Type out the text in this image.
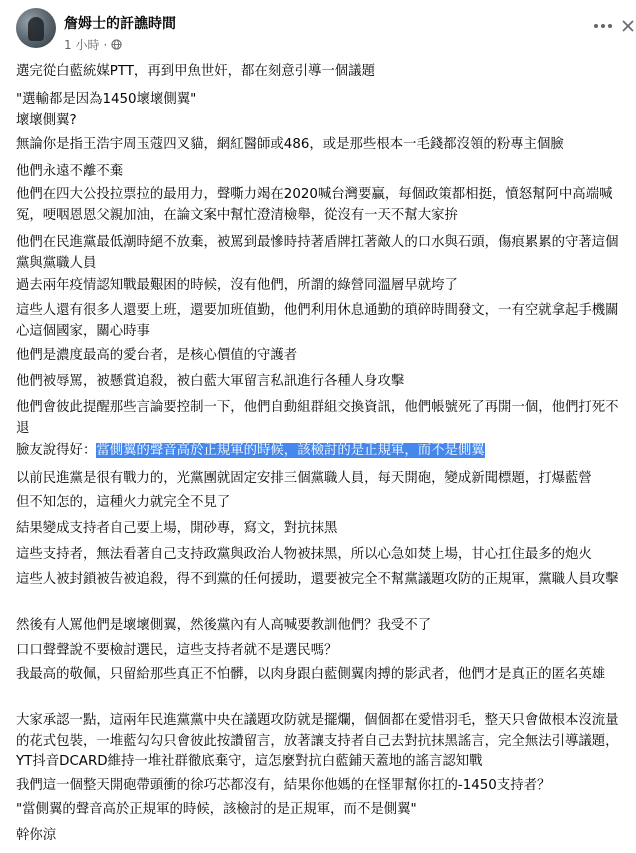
詹姆士的訐譙時間
1 小時 ·
選完從白藍統媒PTT，再到甲魚世奸，都在刻意引導一個議題
"選輸都是因為1450壞壞側翼"
壞壞側翼?
無論你是指王浩宇周玉蔻四叉貓，網紅醫師或486，或是那些根本一毛錢都沒領的粉專主個臉
他們永遠不離不棄
他們在四大公投拉票拉的最用力，聲嘶力竭在2020喊台灣要贏，每個政策都相挺，憤怒幫阿中高端喊冤，哽咽恩恩父親加油，在論文案中幫忙澄清檢舉，從沒有一天不幫大家拚
他們在民進黨最低潮時絕不放棄，被罵到最慘時持著盾牌扛著敵人的口水與石頭，傷痕累累的守著這個黨與黨職人員
過去兩年疫情認知戰最艱困的時候，沒有他們，所謂的綠營同溫層早就垮了
這些人還有很多人還要上班，還要加班值勤，他們利用休息通勤的瑣碎時間發文，一有空就拿起手機關心這個國家，關心時事
他們是濃度最高的愛台者，是核心價值的守護者
他們被辱罵，被懸賞追殺，被白藍大軍留言私訊進行各種人身攻擊
他們會彼此提醒那些言論要控制一下，他們自動組群組交換資訊，他們帳號死了再開一個，他們打死不退
臉友說得好：當側翼的聲音高於正規軍的時候，該檢討的是正規軍，而不是側翼
以前民進黨是很有戰力的，光黨團就固定安排三個黨職人員，每天開砲，變成新聞標題，打爆藍營
但不知怎的，這種火力就完全不見了
結果變成支持者自己要上場，開砂專，寫文，對抗抹黑
這些支持者，無法看著自己支持政黨與政治人物被抹黑，所以心急如焚上場，甘心扛住最多的炮火
這些人被封鎖被告被追殺，得不到黨的任何援助，還要被完全不幫黨議題攻防的正規軍，黨職人員攻擊
然後有人罵他們是壞壞側翼，然後黨內有人高喊要教訓他們？我受不了
口口聲聲說不要檢討選民，這些支持者就不是選民嗎？
我最高的敬佩，只留給那些真正不怕髒，以肉身跟白藍側翼肉搏的影武者，他們才是真正的匿名英雄
大家承認一點，這兩年民進黨黨中央在議題攻防就是擺爛，個個都在愛惜羽毛，整天只會做根本沒流量的花式包裝，一堆藍勾勾只會彼此按讚留言，放著讓支持者自己去對抗抹黑謠言，完全無法引導議題，YT抖音DCARD維持一堆社群徹底棄守，這怎麼對抗白藍鋪天蓋地的謠言認知戰
我們這一個整天開砲帶頭衝的徐巧芯都沒有，結果你他媽的在怪罪幫你扛的-1450支持者？
"當側翼的聲音高於正規軍的時候，該檢討的是正規軍，而不是側翼"
幹你涼
